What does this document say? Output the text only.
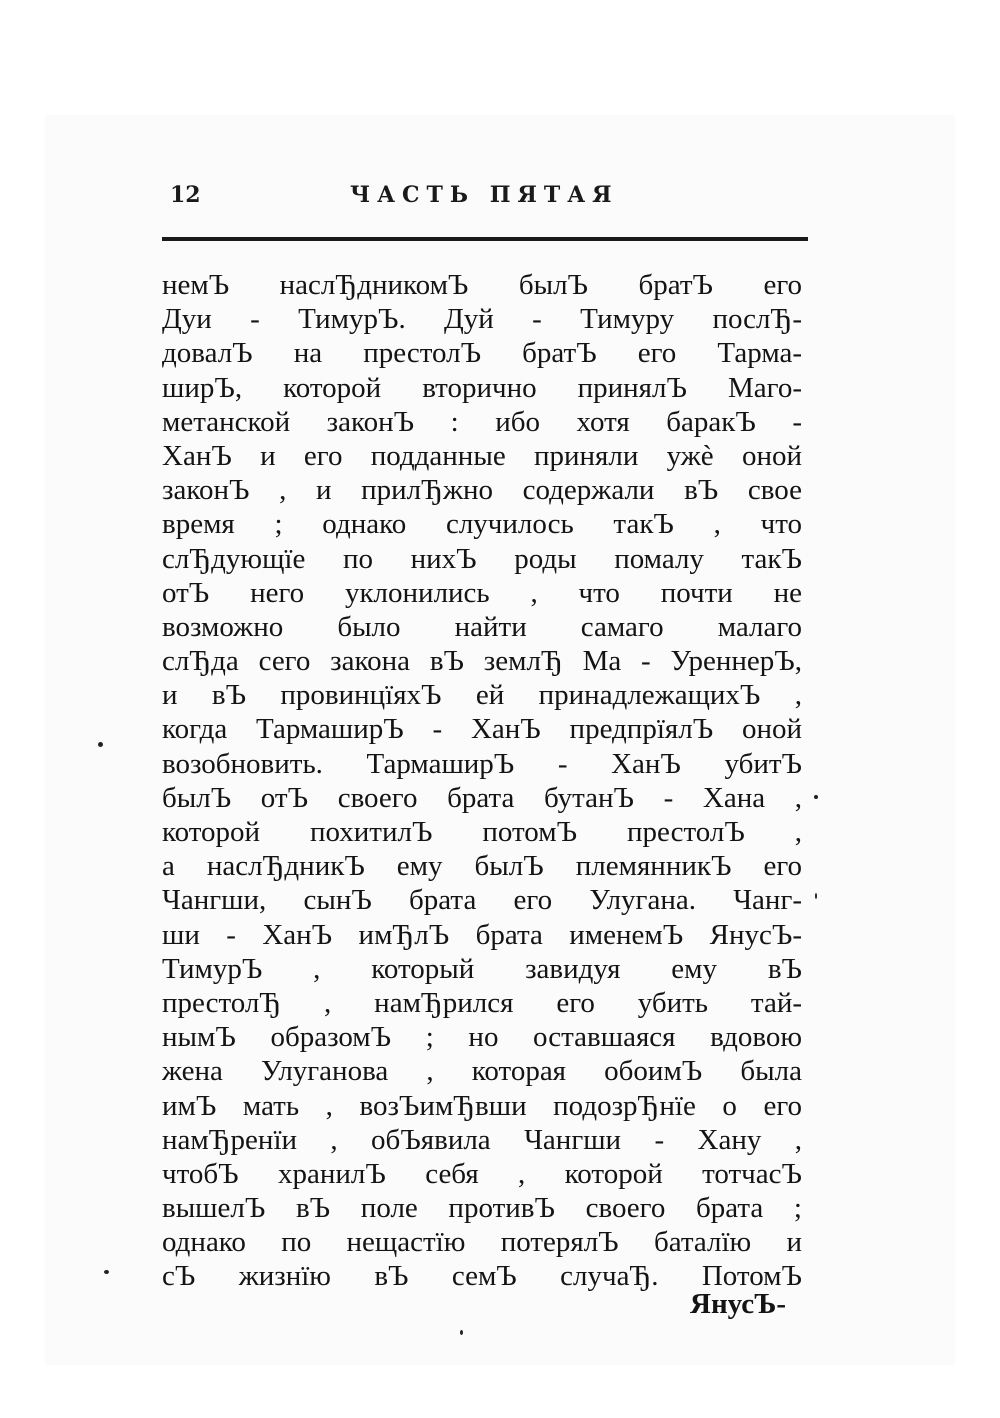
12	ЧАСТЬ ПЯТАЯ
немЪ наслЂдникомЪ былЪ братЪ его
Дуи - ТимурЪ. Дуй - Тимуру послЂ-
довалЪ на престолЪ братЪ его Тарма-
ширЪ, которой вторично принялЪ Маго-
метанской законЪ : ибо хотя баракЪ -
ХанЪ и его подданные приняли ужè оной
законЪ , и прилЂжно содержали вЪ свое
время ; однако случилось такЪ , что
слЂдующїе по нихЪ роды помалу такЪ
отЪ него уклонились , что почти не
возможно было найти самаго малаго
слЂда сего закона вЪ землЂ Ма - УреннерЪ,
и вЪ провинцїяхЪ ей принадлежащихЪ ,
когда ТармаширЪ - ХанЪ предпрїялЪ оной
возобновить. ТармаширЪ - ХанЪ убитЪ
былЪ отЪ своего брата бутанЪ - Хана ,
которой похитилЪ потомЪ престолЪ ,
а наслЂдникЪ ему былЪ племянникЪ его
Чангши, сынЪ брата его Улугана. Чанг-
ши - ХанЪ имЂлЪ брата именемЪ ЯнусЪ-
ТимурЪ , который завидуя ему вЪ
престолЂ , намЂрился его убить тай-
нымЪ образомЪ ; но оставшаяся вдовою
жена Улуганова , которая обоимЪ была
имЪ мать , возЪимЂвши подозрЂнїе о его
намЂренїи , обЪявила Чангши - Хану ,
чтобЪ хранилЪ себя , которой тотчасЪ
вышелЪ вЪ поле противЪ своего брата ;
однако по нещастїю потерялЪ баталїю и
сЪ жизнїю вЪ семЪ случаЂ. ПотомЪ
ЯнусЪ-
